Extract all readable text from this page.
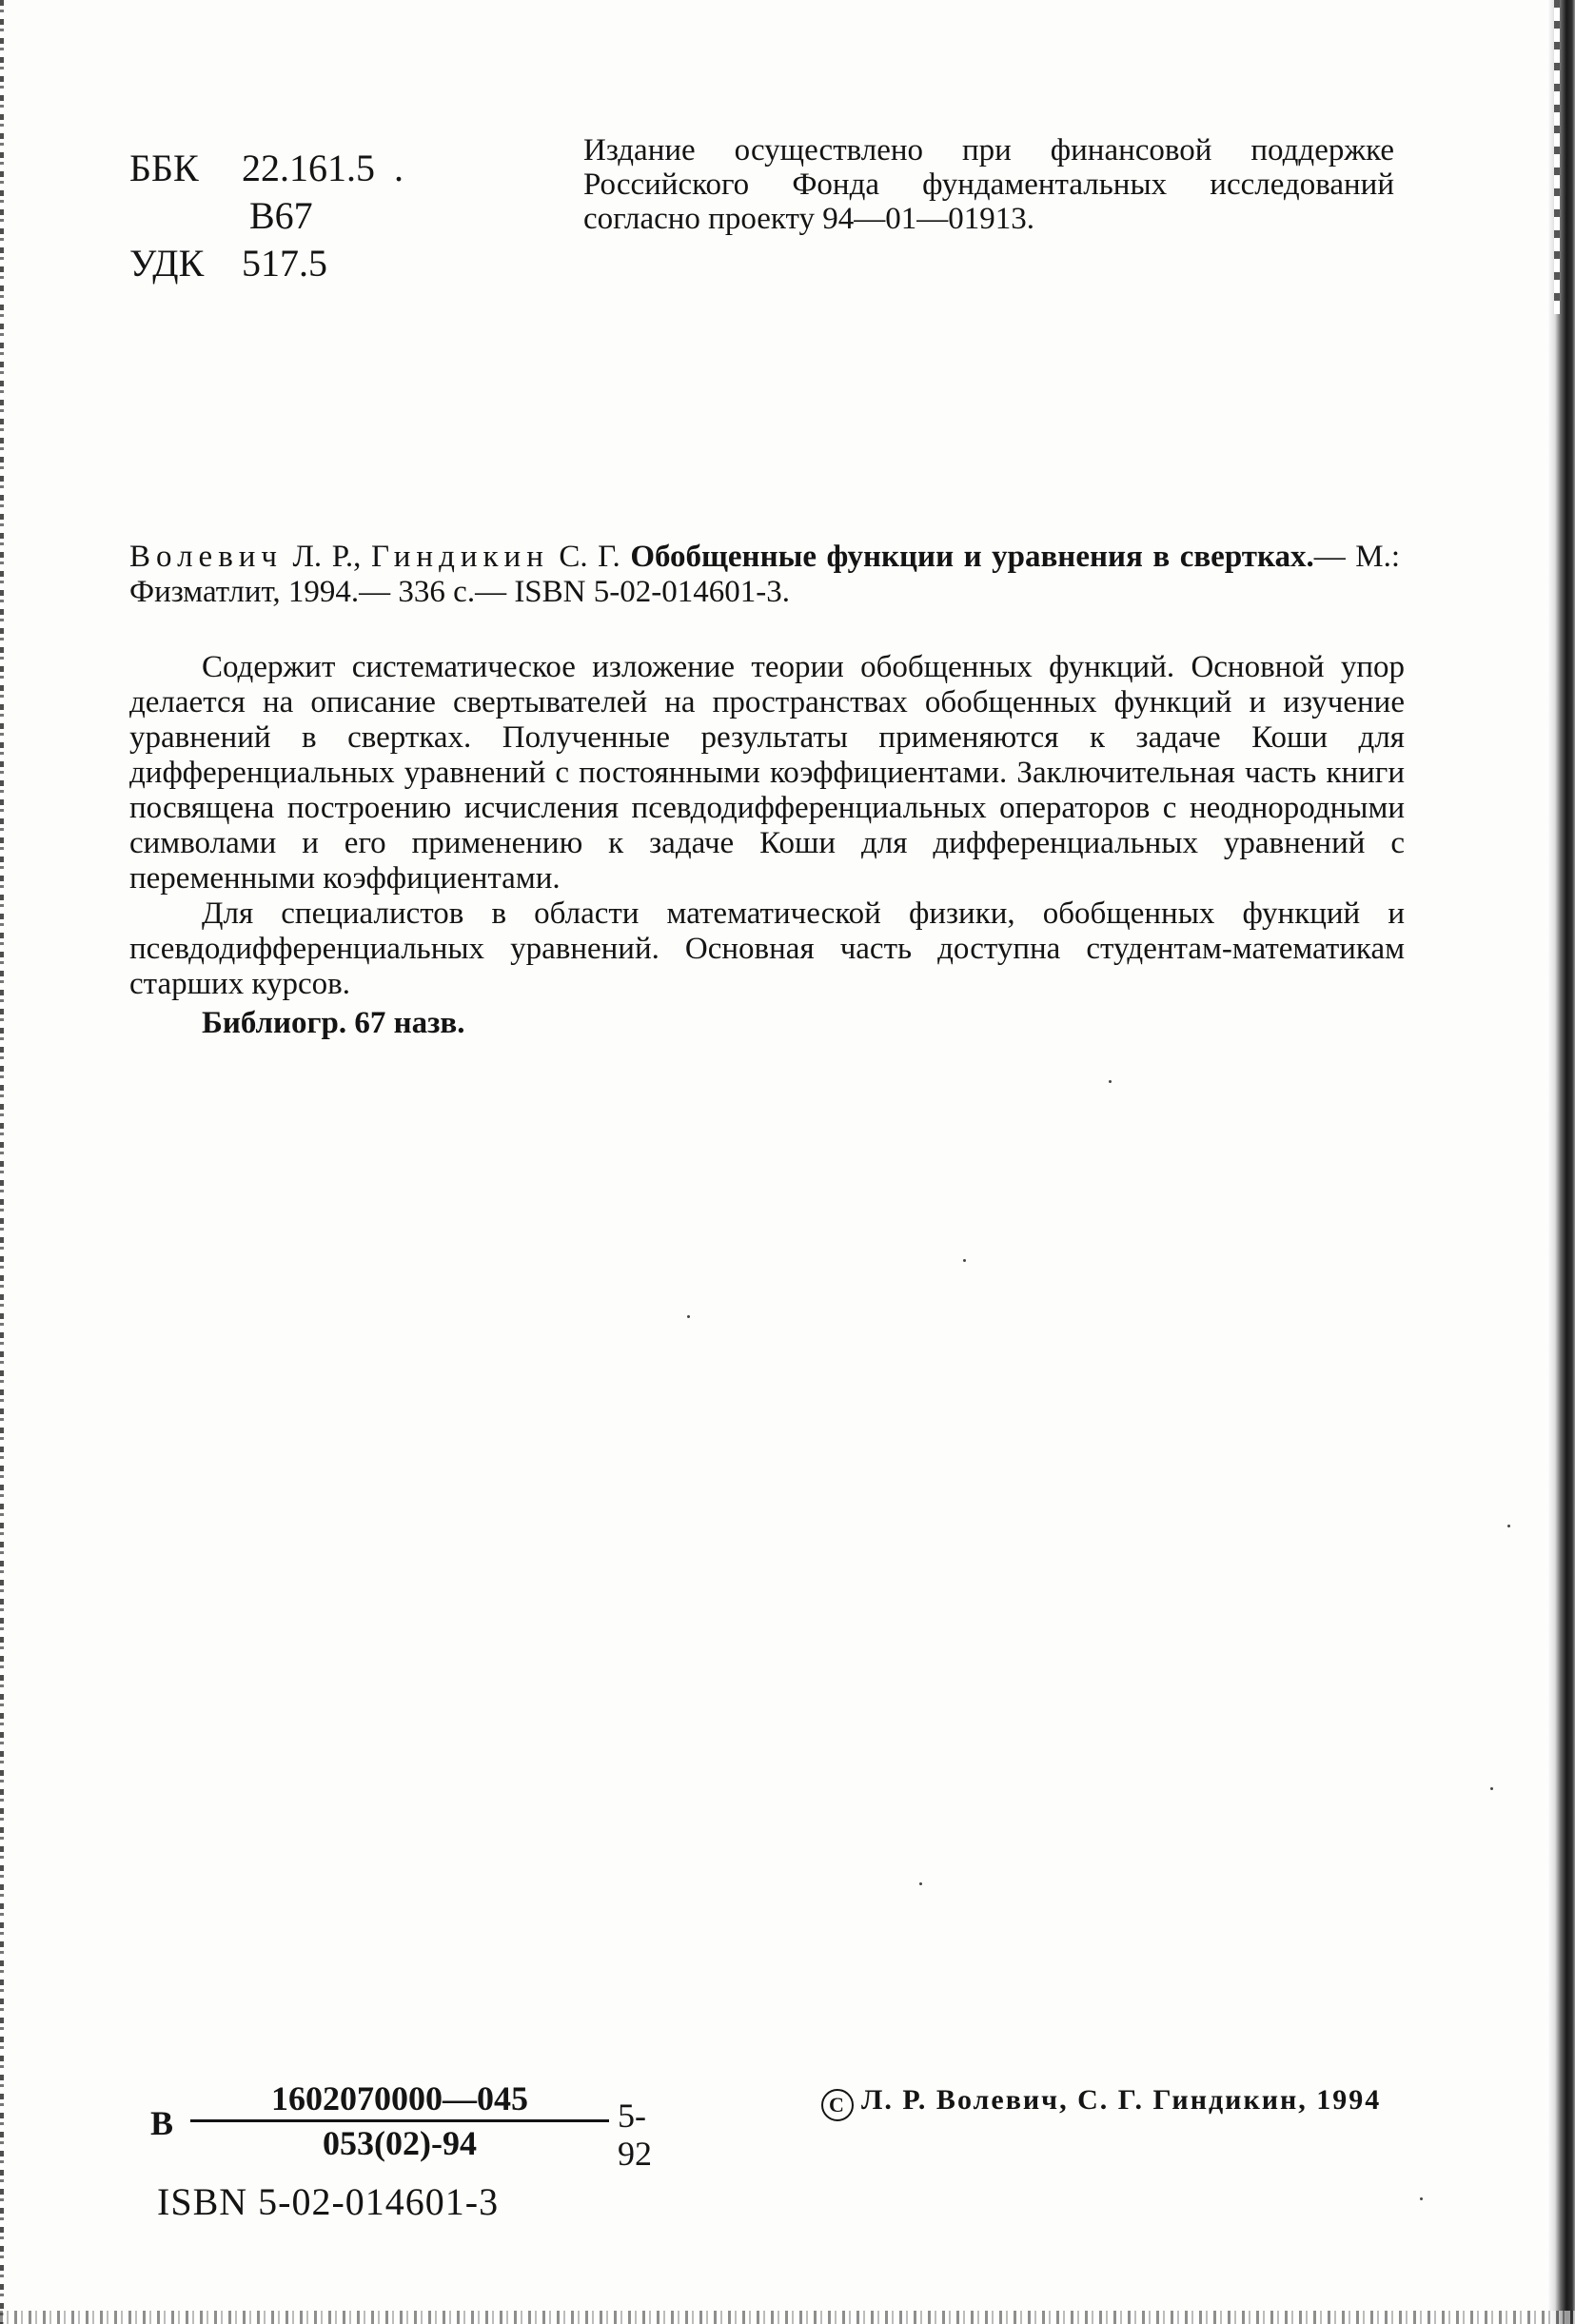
ББК 22.161.5  .
В67
УДК 517.5
Издание осуществлено при финансовой поддержке Российского Фонда фундаментальных исследований согласно проекту 94—01—01913.
Волевич Л. Р., Гиндикин С. Г. Обобщенные функции и уравнения в свертках.— М.: Физматлит, 1994.— 336 с.— ISBN 5-02-014601-3.

Содержит систематическое изложение теории обобщенных функций. Основной упор делается на описание свертывателей на пространствах обобщенных функций и изучение уравнений в свертках. Полученные результаты применяются к задаче Коши для дифференциальных уравнений с постоянными коэффициентами. Заключительная часть книги посвящена построению исчисления псевдодифференциальных операторов с неоднородными символами и его применению к задаче Коши для дифференциальных уравнений с переменными коэффициентами.

Для специалистов в области математической физики, обобщенных функций и псевдодифференциальных уравнений. Основная часть доступна студентам-математикам старших курсов.

Библиогр. 67 назв.

В $\frac{1602070000—045}{053(02)-94} 5-92$
ISBN 5-02-014601-3
C Л. Р. Волевич, С. Г. Гиндикин, 1994
